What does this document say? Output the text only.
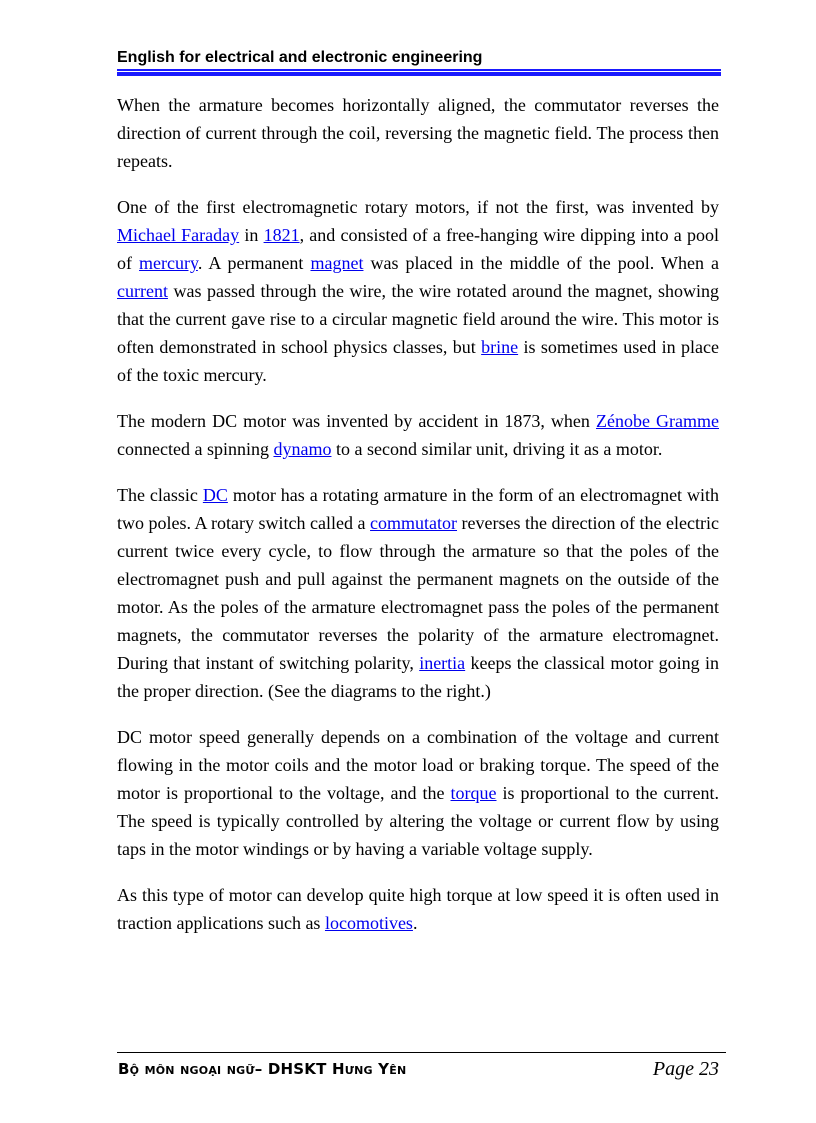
English for electrical and electronic engineering

When the armature becomes horizontally aligned, the commutator reverses the direction of current through the coil, reversing the magnetic field. The process then repeats.

One of the first electromagnetic rotary motors, if not the first, was invented by Michael Faraday in 1821, and consisted of a free-hanging wire dipping into a pool of mercury. A permanent magnet was placed in the middle of the pool. When a current was passed through the wire, the wire rotated around the magnet, showing that the current gave rise to a circular magnetic field around the wire. This motor is often demonstrated in school physics classes, but brine is sometimes used in place of the toxic mercury.

The modern DC motor was invented by accident in 1873, when Zénobe Gramme connected a spinning dynamo to a second similar unit, driving it as a motor.

The classic DC motor has a rotating armature in the form of an electromagnet with two poles. A rotary switch called a commutator reverses the direction of the electric current twice every cycle, to flow through the armature so that the poles of the electromagnet push and pull against the permanent magnets on the outside of the motor. As the poles of the armature electromagnet pass the poles of the permanent magnets, the commutator reverses the polarity of the armature electromagnet. During that instant of switching polarity, inertia keeps the classical motor going in the proper direction. (See the diagrams to the right.)

DC motor speed generally depends on a combination of the voltage and current flowing in the motor coils and the motor load or braking torque. The speed of the motor is proportional to the voltage, and the torque is proportional to the current. The speed is typically controlled by altering the voltage or current flow by using taps in the motor windings or by having a variable voltage supply.

As this type of motor can develop quite high torque at low speed it is often used in traction applications such as locomotives.

Bộ môn ngoại ngữ– DHSKT Hưng Yên	Page 23
